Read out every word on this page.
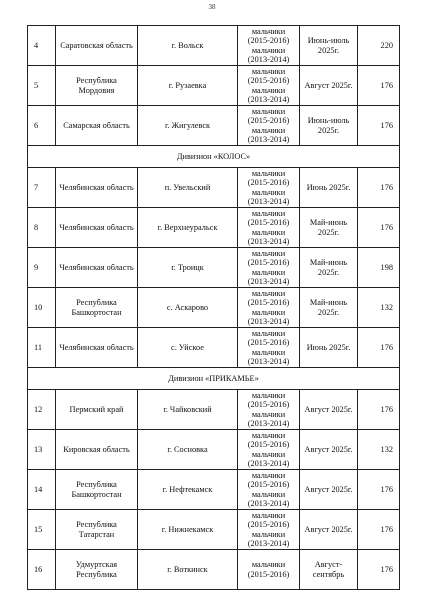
38
4	Саратовская область	г. Вольск	мальчики
(2015-2016)
мальчики
(2013-2014)	Июнь-июль 2025г.	220
5	Республика Мордовия	г. Рузаевка	мальчики
(2015-2016)
мальчики
(2013-2014)	Август 2025г.	176
6	Самарская область	г. Жигулевск	мальчики
(2015-2016)
мальчики
(2013-2014)	Июнь-июль 2025г.	176
Дивизион «КОЛОС»					
7	Челябинская область	п. Увельский	мальчики
(2015-2016)
мальчики
(2013-2014)	Июнь 2025г.	176
8	Челябинская область	г. Верхнеуральск	мальчики
(2015-2016)
мальчики
(2013-2014)	Май-июнь 2025г.	176
9	Челябинская область	г. Троицк	мальчики
(2015-2016)
мальчики
(2013-2014)	Май-июнь 2025г.	198
10	Республика Башкортостан	с. Аскарово	мальчики
(2015-2016)
мальчики
(2013-2014)	Май-июнь 2025г.	132
11	Челябинская область	с. Уйское	мальчики
(2015-2016)
мальчики
(2013-2014)	Июнь 2025г.	176
Дивизион «ПРИКАМЬЕ»					
12	Пермский край	г. Чайковский	мальчики
(2015-2016)
мальчики
(2013-2014)	Август 2025г.	176
13	Кировская область	г. Сосновка	мальчики
(2015-2016)
мальчики
(2013-2014)	Август 2025г.	132
14	Республика Башкортостан	г. Нефтекамск	мальчики
(2015-2016)
мальчики
(2013-2014)	Август 2025г.	176
15	Республика Татарстан	г. Нижнекамск	мальчики
(2015-2016)
мальчики
(2013-2014)	Август 2025г.	176
16	Удмуртская Республика	г. Воткинск	мальчики
(2015-2016)	Август-сентябрь	176
